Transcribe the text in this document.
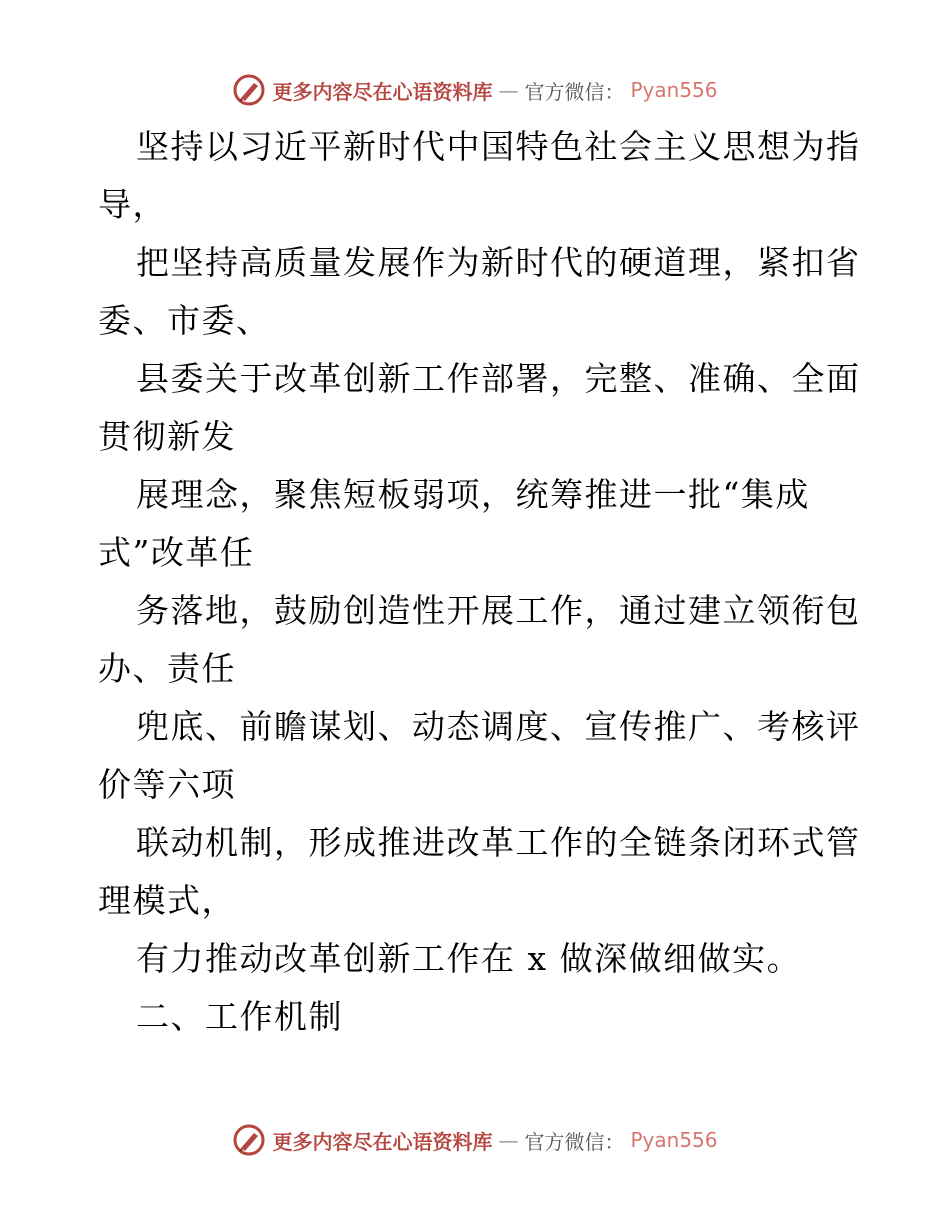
更多内容尽在心语资料库 — 官方微信： Pyan556
坚持以习近平新时代中国特色社会主义思想为指
导，
把坚持高质量发展作为新时代的硬道理，紧扣省
委、市委、
县委关于改革创新工作部署，完整、准确、全面
贯彻新发
展理念，聚焦短板弱项，统筹推进一批“集成
式”改革任
务落地，鼓励创造性开展工作，通过建立领衔包
办、责任
兜底、前瞻谋划、动态调度、宣传推广、考核评
价等六项
联动机制，形成推进改革工作的全链条闭环式管
理模式，
有力推动改革创新工作在 x 做深做细做实。
二、工作机制
更多内容尽在心语资料库 — 官方微信： Pyan556
